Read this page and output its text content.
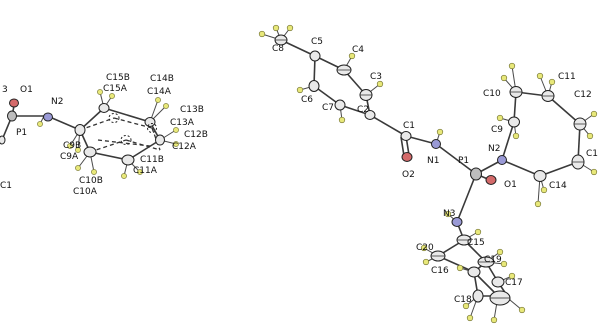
3 O1
P1
N2
C15B
C15A
C14B
C14A
C13B
C13A
C12B
C12A
C9B
C9A	C11B
C11A
C10B
C10A
C1
C8
C5
C4
C6
C3
C7	C2
C1
O2
N1 P1
O1
N2
C9
C10
C11
C12
C1
C14
N3
C15
C20
C16
C19
C17
C18
